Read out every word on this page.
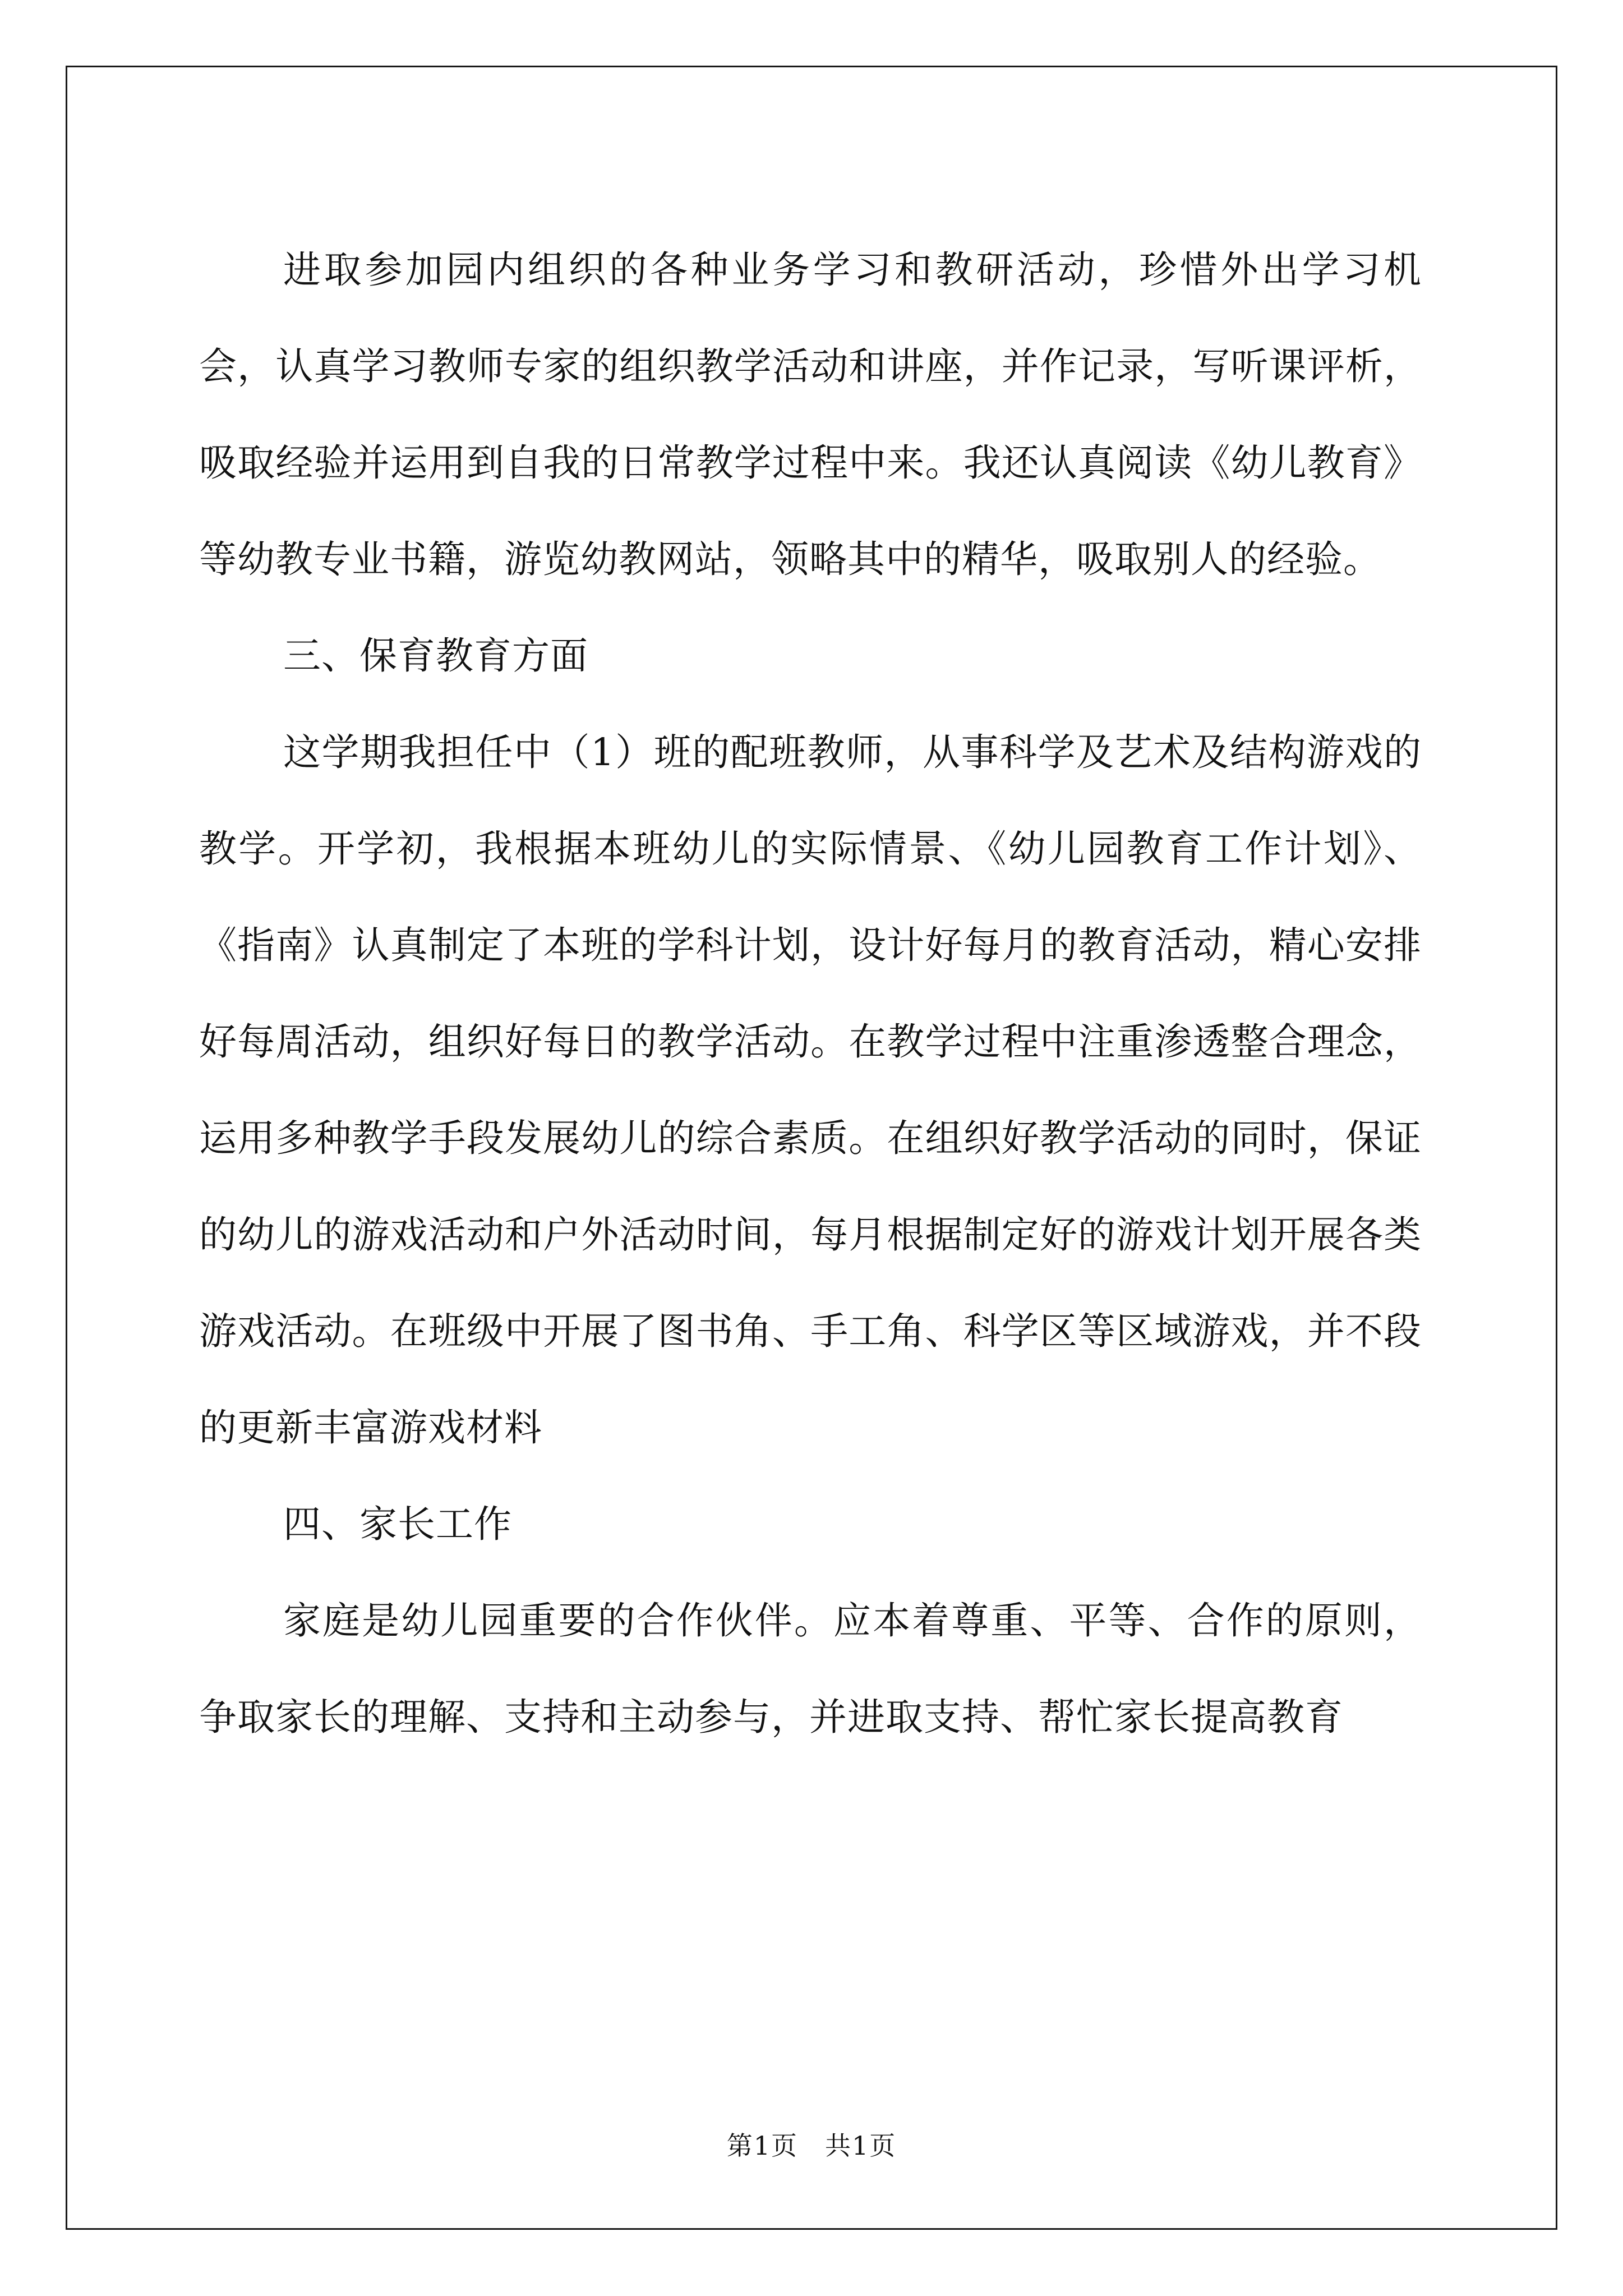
进取参加园内组织的各种业务学习和教研活动，珍惜外出学习机会，认真学习教师专家的组织教学活动和讲座，并作记录，写听课评析，吸取经验并运用到自我的日常教学过程中来。我还认真阅读《幼儿教育》等幼教专业书籍，游览幼教网站，领略其中的精华，吸取别人的经验。

三、保育教育方面

这学期我担任中（1）班的配班教师，从事科学及艺术及结构游戏的教学。开学初，我根据本班幼儿的实际情景、《幼儿园教育工作计划》、《指南》认真制定了本班的学科计划，设计好每月的教育活动，精心安排好每周活动，组织好每日的教学活动。在教学过程中注重渗透整合理念，运用多种教学手段发展幼儿的综合素质。在组织好教学活动的同时，保证的幼儿的游戏活动和户外活动时间，每月根据制定好的游戏计划开展各类游戏活动。在班级中开展了图书角、手工角、科学区等区域游戏，并不段的更新丰富游戏材料

四、家长工作

家庭是幼儿园重要的合作伙伴。应本着尊重、平等、合作的原则，争取家长的理解、支持和主动参与，并进取支持、帮忙家长提高教育

第1页　共1页
